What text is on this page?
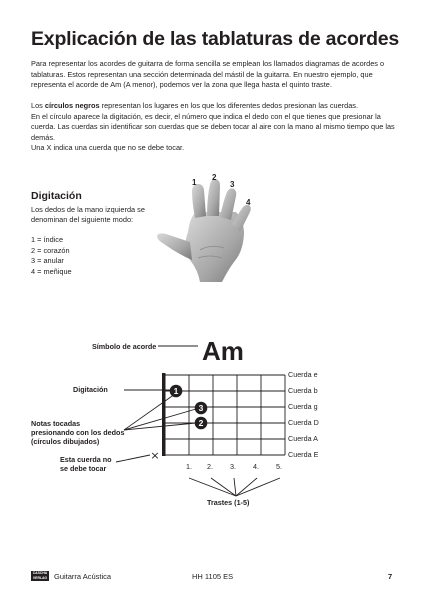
Explicación de las tablaturas de acordes
Para representar los acordes de guitarra de forma sencilla se emplean los llamados diagramas de acordes o tablaturas. Estos representan una sección determinada del mástil de la guitarra. En nuestro ejemplo, que representa el acorde de Am (A menor), podemos ver la zona que llega hasta el quinto traste.
Los círculos negros representan los lugares en los que los diferentes dedos presionan las cuerdas.
En el círculo aparece la digitación, es decir, el número que indica el dedo con el que tienes que presionar la cuerda. Las cuerdas sin identificar son cuerdas que se deben tocar al aire con la mano al mismo tiempo que las demás.
Una X indica una cuerda que no se debe tocar.
Digitación
Los dedos de la mano izquierda se denominan del siguiente modo:
1 = índice
2 = corazón
3 = anular
4 = meñique
1
2
3
4
1
3
2
×
Símbolo de acorde Am
Digitación
Notas tocadas
presionando con los dedos
(círculos dibujados)
Esta cuerda no
se debe tocar
Cuerda e
Cuerda b
Cuerda g
Cuerda D
Cuerda A
Cuerda E
1. 2. 3. 4. 5.
Trastes (1-5)
CASCHA
VERLAG Guitarra Acústica	HH 1105 ES	7
